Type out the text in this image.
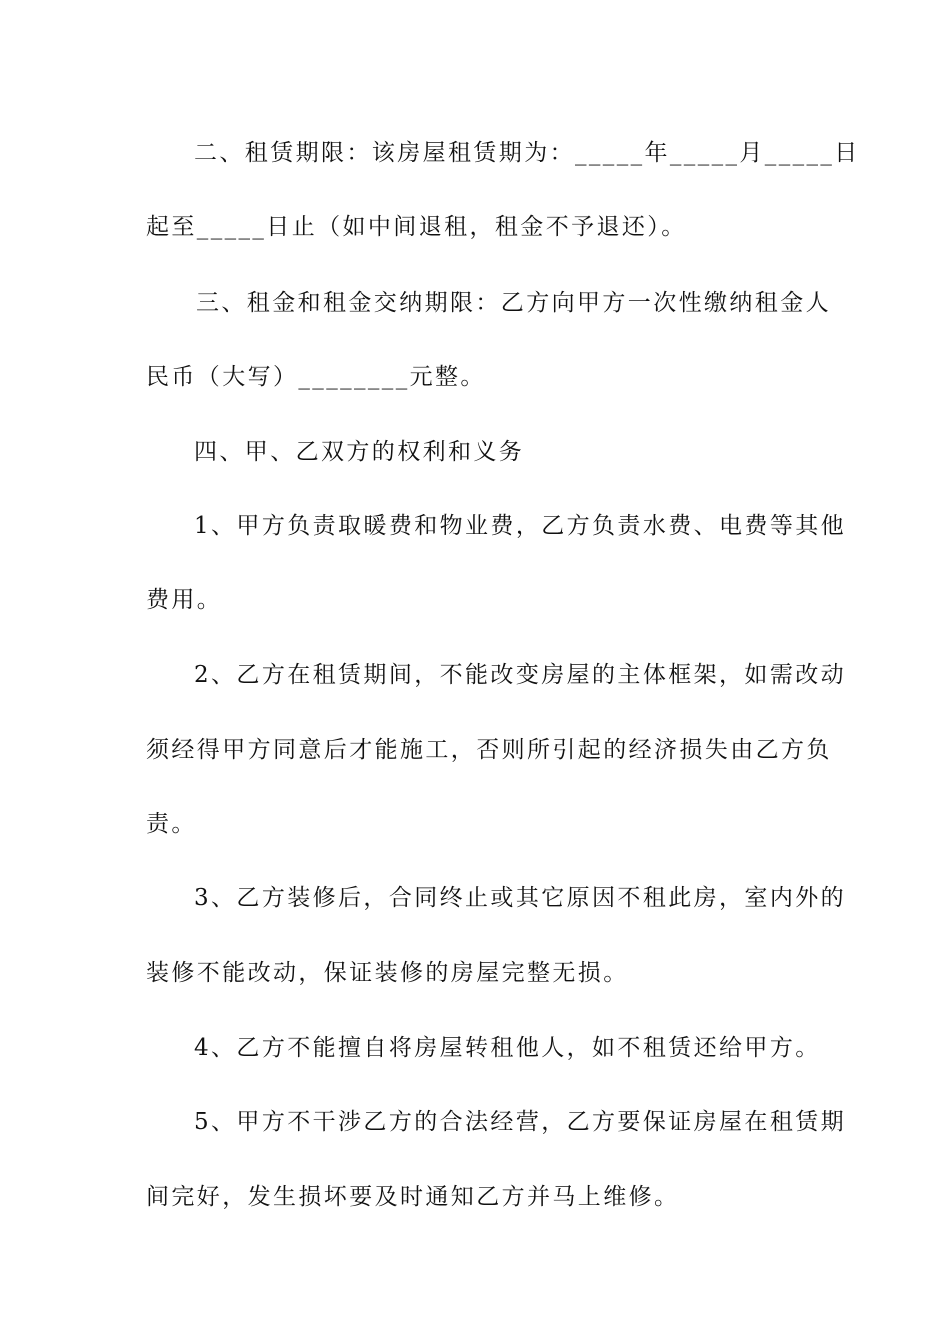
二、租赁期限：该房屋租赁期为：_____年_____月_____日
起至_____日止（如中间退租，租金不予退还）。
三、租金和租金交纳期限：乙方向甲方一次性缴纳租金人
民币（大写）________元整。
四、甲、乙双方的权利和义务
1、甲方负责取暖费和物业费，乙方负责水费、电费等其他
费用。
2、乙方在租赁期间，不能改变房屋的主体框架，如需改动
须经得甲方同意后才能施工，否则所引起的经济损失由乙方负
责。
3、乙方装修后，合同终止或其它原因不租此房，室内外的
装修不能改动，保证装修的房屋完整无损。
4、乙方不能擅自将房屋转租他人，如不租赁还给甲方。
5、甲方不干涉乙方的合法经营，乙方要保证房屋在租赁期
间完好，发生损坏要及时通知乙方并马上维修。
